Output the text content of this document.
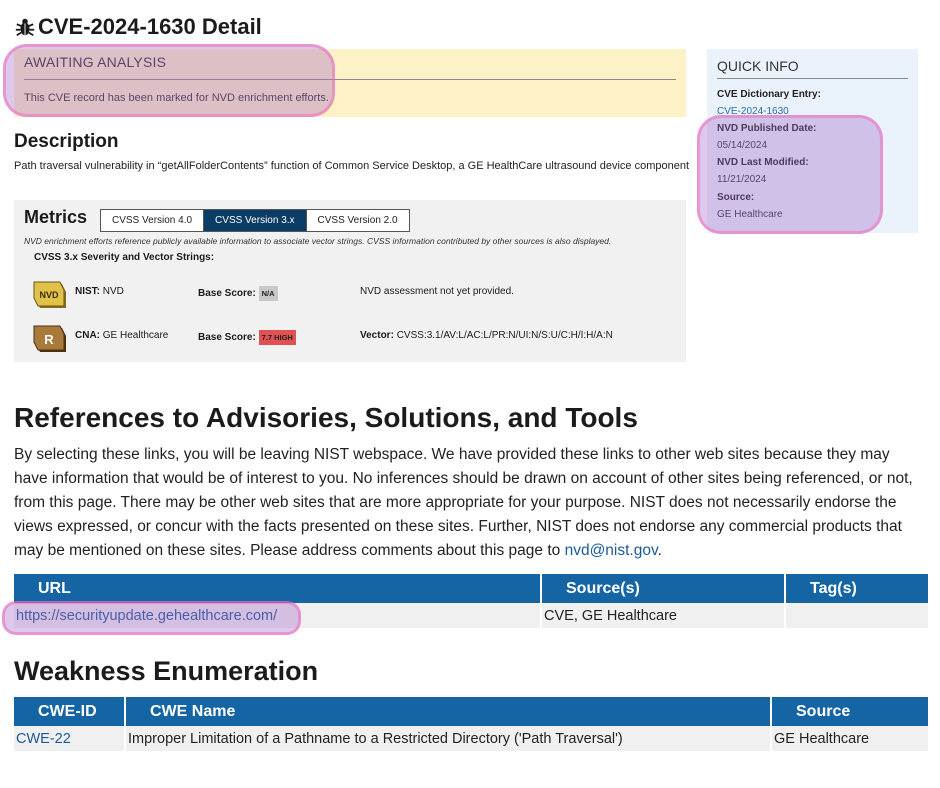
CVE-2024-1630 Detail
AWAITING ANALYSIS
This CVE record has been marked for NVD enrichment efforts.
Description
Path traversal vulnerability in “getAllFolderContents” function of Common Service Desktop, a GE HealthCare ultrasound device component
Metrics	CVSS Version 4.0	CVSS Version 3.x	CVSS Version 2.0
NVD enrichment efforts reference publicly available information to associate vector strings. CVSS information contributed by other sources is also displayed.
CVSS 3.x Severity and Vector Strings:
NVD NIST: NVD	Base Score: N/A	NVD assessment not yet provided.
R CNA: GE Healthcare	Base Score: 7.7 HIGH	Vector: CVSS:3.1/AV:L/AC:L/PR:N/UI:N/S:U/C:H/I:H/A:N
QUICK INFO
CVE Dictionary Entry:
CVE-2024-1630
NVD Published Date:
05/14/2024
NVD Last Modified:
11/21/2024
Source:
GE Healthcare
References to Advisories, Solutions, and Tools
By selecting these links, you will be leaving NIST webspace. We have provided these links to other web sites because they may have information that would be of interest to you. No inferences should be drawn on account of other sites being referenced, or not, from this page. There may be other web sites that are more appropriate for your purpose. NIST does not necessarily endorse the views expressed, or concur with the facts presented on these sites. Further, NIST does not endorse any commercial products that may be mentioned on these sites. Please address comments about this page to nvd@nist.gov.
URL	Source(s)	Tag(s)
https://securityupdate.gehealthcare.com/	CVE, GE Healthcare	
Weakness Enumeration
CWE-ID	CWE Name	Source
CWE-22	Improper Limitation of a Pathname to a Restricted Directory ('Path Traversal')	GE Healthcare
